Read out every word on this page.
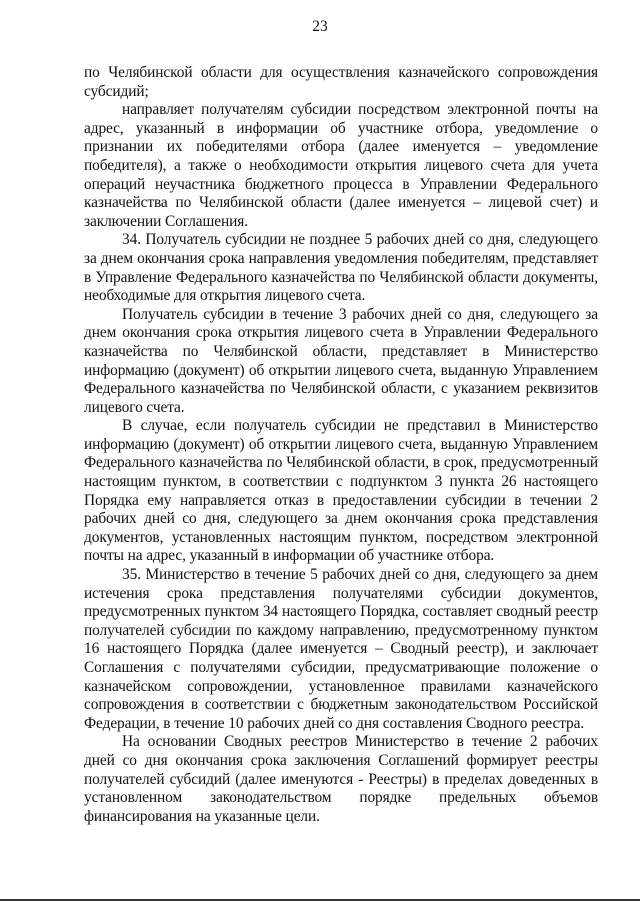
23

по Челябинской области для осуществления казначейского сопровождения субсидий;

направляет получателям субсидии посредством электронной почты на адрес, указанный в информации об участнике отбора, уведомление о признании их победителями отбора (далее именуется – уведомление победителя), а также о необходимости открытия лицевого счета для учета операций неучастника бюджетного процесса в Управлении Федерального казначейства по Челябинской области (далее именуется – лицевой счет) и заключении Соглашения.

34. Получатель субсидии не позднее 5 рабочих дней со дня, следующего за днем окончания срока направления уведомления победителям, представляет в Управление Федерального казначейства по Челябинской области документы, необходимые для открытия лицевого счета.

Получатель субсидии в течение 3 рабочих дней со дня, следующего за днем окончания срока открытия лицевого счета в Управлении Федерального казначейства по Челябинской области, представляет в Министерство информацию (документ) об открытии лицевого счета, выданную Управлением Федерального казначейства по Челябинской области, с указанием реквизитов лицевого счета.

В случае, если получатель субсидии не представил в Министерство информацию (документ) об открытии лицевого счета, выданную Управлением Федерального казначейства по Челябинской области, в срок, предусмотренный настоящим пунктом, в соответствии с подпунктом 3 пункта 26 настоящего Порядка ему направляется отказ в предоставлении субсидии в течении 2 рабочих дней со дня, следующего за днем окончания срока представления документов, установленных настоящим пунктом, посредством электронной почты на адрес, указанный в информации об участнике отбора.

35. Министерство в течение 5 рабочих дней со дня, следующего за днем истечения срока представления получателями субсидии документов, предусмотренных пунктом 34 настоящего Порядка, составляет сводный реестр получателей субсидии по каждому направлению, предусмотренному пунктом 16 настоящего Порядка (далее именуется – Сводный реестр), и заключает Соглашения с получателями субсидии, предусматривающие положение о казначейском сопровождении, установленное правилами казначейского сопровождения в соответствии с бюджетным законодательством Российской Федерации, в течение 10 рабочих дней со дня составления Сводного реестра.

На основании Сводных реестров Министерство в течение 2 рабочих дней со дня окончания срока заключения Соглашений формирует реестры получателей субсидий (далее именуются - Реестры) в пределах доведенных в установленном законодательством порядке предельных объемов финансирования на указанные цели.
